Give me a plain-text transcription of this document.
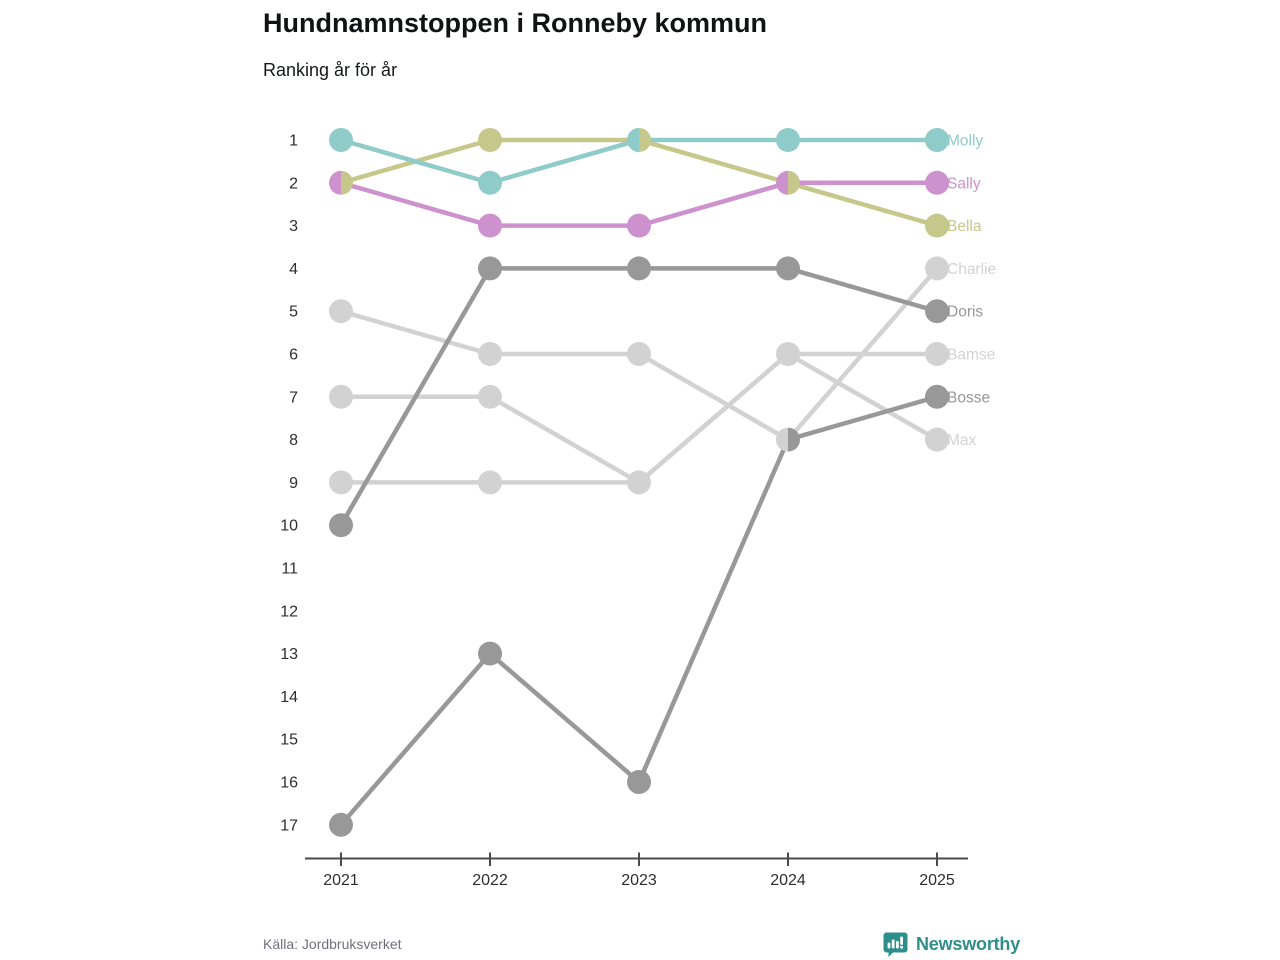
Hundnamnstoppen i Ronneby kommun

Ranking år för år

1
2
3
4
5
6
7
8
9
10
11
12
13
14
15
16
17
2021	2022	2023	2024	2025
Molly
Sally
Bella
Charlie
Doris
Bamse
Bosse
Max
Källa: Jordbruksverket	Newsworthy
